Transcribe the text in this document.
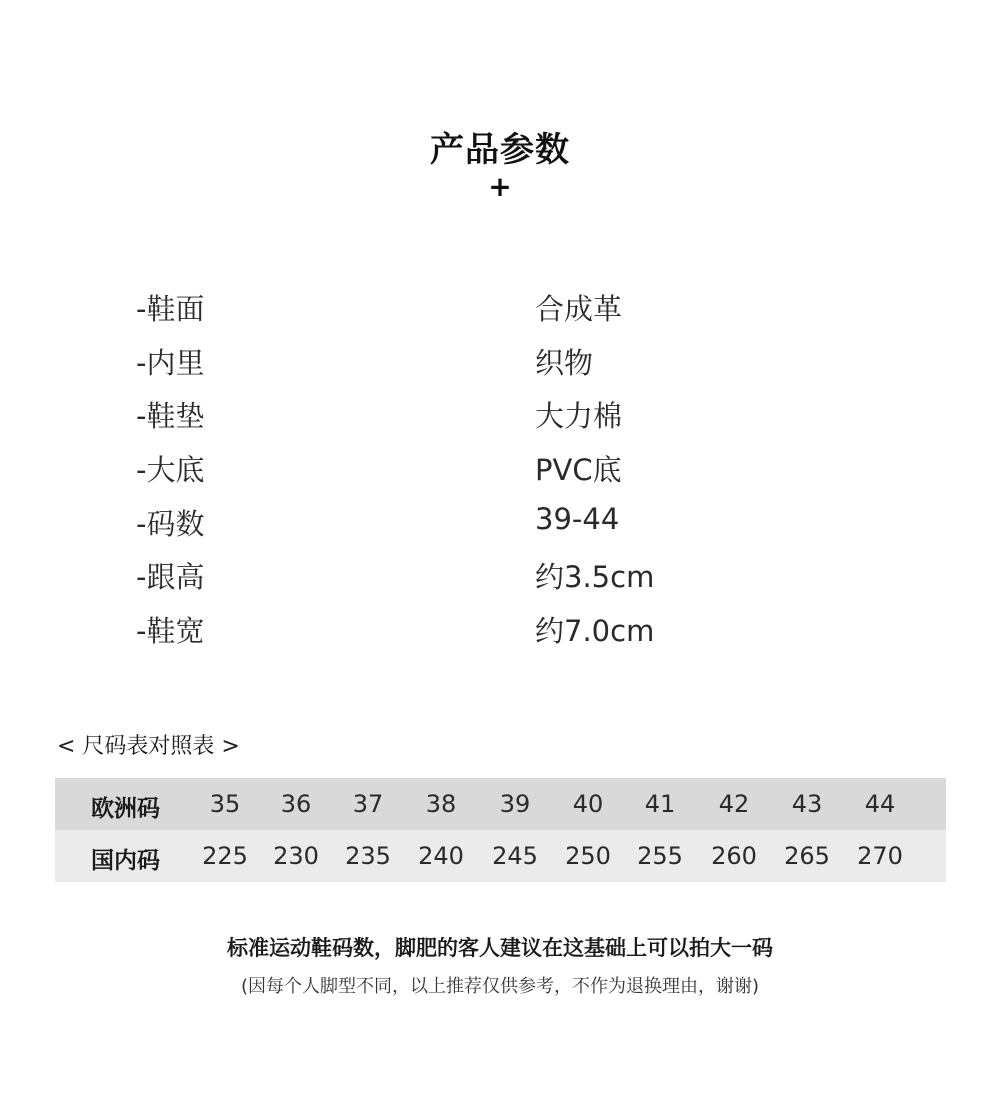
产品参数
+
-鞋面	合成革
-内里	织物
-鞋垫	大力棉
-大底	PVC底
-码数	39-44
-跟高	约3.5cm
-鞋宽	约7.0cm
< 尺码表对照表 >
欧洲码	35	36	37	38	39	40	41	42	43	44
国内码	225	230	235	240	245	250	255	260	265	270
标准运动鞋码数，脚肥的客人建议在这基础上可以拍大一码
(因每个人脚型不同，以上推荐仅供参考，不作为退换理由，谢谢)
